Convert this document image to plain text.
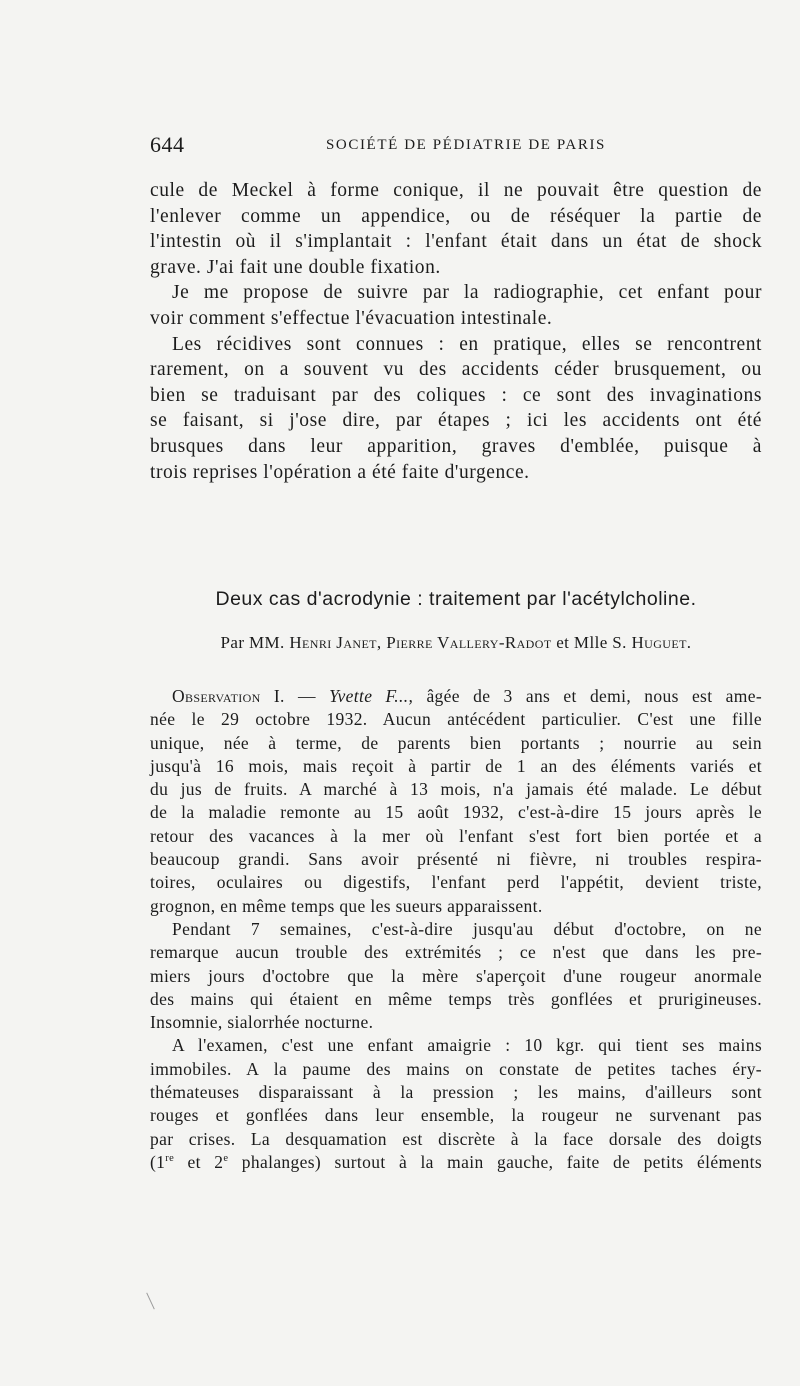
644	SOCIÉTÉ DE PÉDIATRIE DE PARIS
cule de Meckel à forme conique, il ne pouvait être question de
l'enlever comme un appendice, ou de réséquer la partie de
l'intestin où il s'implantait : l'enfant était dans un état de shock
grave. J'ai fait une double fixation.
Je me propose de suivre par la radiographie, cet enfant pour
voir comment s'effectue l'évacuation intestinale.
Les récidives sont connues : en pratique, elles se rencontrent
rarement, on a souvent vu des accidents céder brusquement, ou
bien se traduisant par des coliques : ce sont des invaginations
se faisant, si j'ose dire, par étapes ; ici les accidents ont été
brusques dans leur apparition, graves d'emblée, puisque à
trois reprises l'opération a été faite d'urgence.
Deux cas d'acrodynie : traitement par l'acétylcholine.
Par MM. Henri Janet, Pierre Vallery-Radot et Mlle S. Huguet.
Observation I. — Yvette F..., âgée de 3 ans et demi, nous est ame-
née le 29 octobre 1932. Aucun antécédent particulier. C'est une fille
unique, née à terme, de parents bien portants ; nourrie au sein
jusqu'à 16 mois, mais reçoit à partir de 1 an des éléments variés et
du jus de fruits. A marché à 13 mois, n'a jamais été malade. Le début
de la maladie remonte au 15 août 1932, c'est-à-dire 15 jours après le
retour des vacances à la mer où l'enfant s'est fort bien portée et a
beaucoup grandi. Sans avoir présenté ni fièvre, ni troubles respira-
toires, oculaires ou digestifs, l'enfant perd l'appétit, devient triste,
grognon, en même temps que les sueurs apparaissent.
Pendant 7 semaines, c'est-à-dire jusqu'au début d'octobre, on ne
remarque aucun trouble des extrémités ; ce n'est que dans les pre-
miers jours d'octobre que la mère s'aperçoit d'une rougeur anormale
des mains qui étaient en même temps très gonflées et prurigineuses.
Insomnie, sialorrhée nocturne.
A l'examen, c'est une enfant amaigrie : 10 kgr. qui tient ses mains
immobiles. A la paume des mains on constate de petites taches éry-
thémateuses disparaissant à la pression ; les mains, d'ailleurs sont
rouges et gonflées dans leur ensemble, la rougeur ne survenant pas
par crises. La desquamation est discrète à la face dorsale des doigts
(1re et 2e phalanges) surtout à la main gauche, faite de petits éléments
